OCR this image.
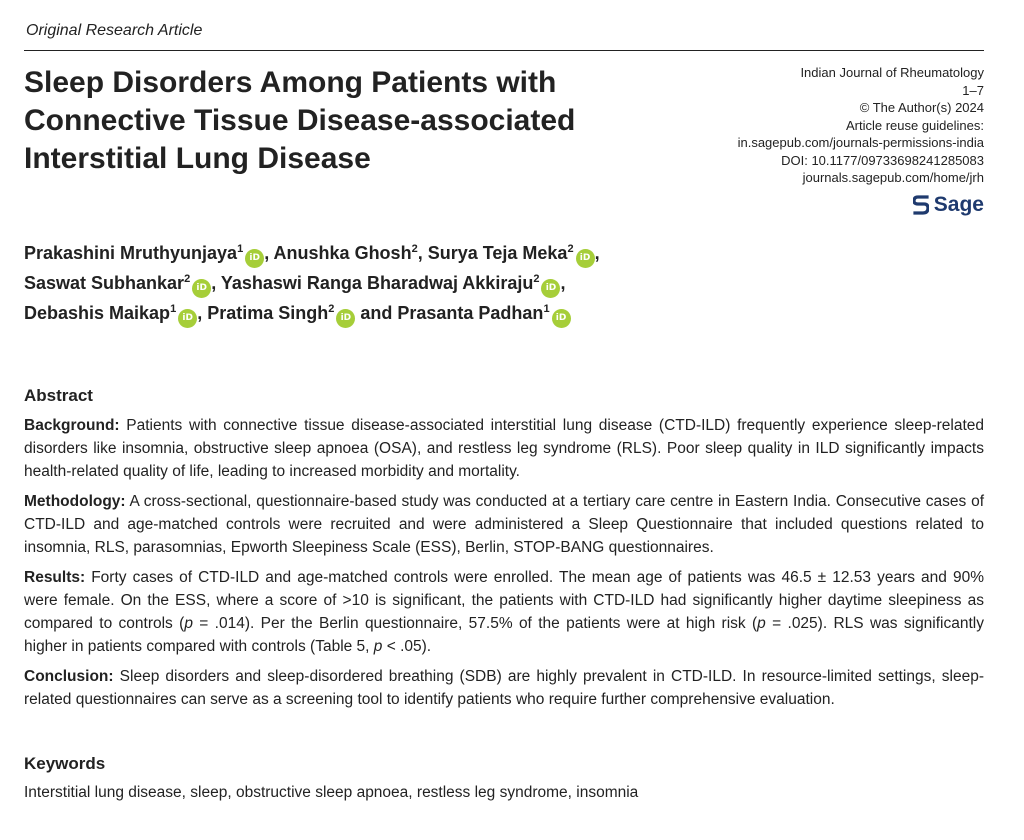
Original Research Article
Sleep Disorders Among Patients with Connective Tissue Disease-associated Interstitial Lung Disease
Indian Journal of Rheumatology
1–7
© The Author(s) 2024
Article reuse guidelines:
in.sagepub.com/journals-permissions-india
DOI: 10.1177/09733698241285083
journals.sagepub.com/home/jrh
Sage
Prakashini Mruthyunjaya$^1$iD , Anushka Ghosh$^2$, Surya Teja Meka$^2$iD ,
Saswat Subhankar$^2$iD , Yashaswi Ranga Bharadwaj Akkiraju$^2$iD ,
Debashis Maikap$^1$iD , Pratima Singh$^2$iD and Prasanta Padhan$^1$iD
Abstract

Background: Patients with connective tissue disease-associated interstitial lung disease (CTD-ILD) frequently experience sleep-related disorders like insomnia, obstructive sleep apnoea (OSA), and restless leg syndrome (RLS). Poor sleep quality in ILD significantly impacts health-related quality of life, leading to increased morbidity and mortality.

Methodology: A cross-sectional, questionnaire-based study was conducted at a tertiary care centre in Eastern India. Consecutive cases of CTD-ILD and age-matched controls were recruited and were administered a Sleep Questionnaire that included questions related to insomnia, RLS, parasomnias, Epworth Sleepiness Scale (ESS), Berlin, STOP-BANG questionnaires.

Results: Forty cases of CTD-ILD and age-matched controls were enrolled. The mean age of patients was 46.5 ± 12.53 years and 90% were female. On the ESS, where a score of >10 is significant, the patients with CTD-ILD had significantly higher daytime sleepiness as compared to controls (p = .014). Per the Berlin questionnaire, 57.5% of the patients were at high risk (p = .025). RLS was significantly higher in patients compared with controls (Table 5, p < .05).

Conclusion: Sleep disorders and sleep-disordered breathing (SDB) are highly prevalent in CTD-ILD. In resource-limited settings, sleep-related questionnaires can serve as a screening tool to identify patients who require further comprehensive evaluation.

Keywords
Interstitial lung disease, sleep, obstructive sleep apnoea, restless leg syndrome, insomnia
